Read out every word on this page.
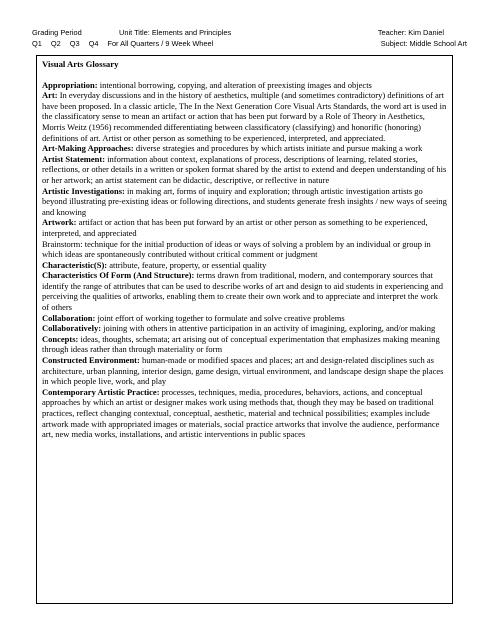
Grading Period	Unit Title: Elements and Principles	Teacher: Kim Daniel
Q1 Q2 Q3 Q4 For All Quarters / 9 Week Wheel	Subject: Middle School Art

Visual Arts Glossary

Appropriation: intentional borrowing, copying, and alteration of preexisting images and objects

Art: In everyday discussions and in the history of aesthetics, multiple (and sometimes contradictory) definitions of art have been proposed. In a classic article, The In the Next Generation Core Visual Arts Standards, the word art is used in the classificatory sense to mean an artifact or action that has been put forward by a Role of Theory in Aesthetics, Morris Weitz (1956) recommended differentiating between classificatory (classifying) and honorific (honoring) definitions of art. Artist or other person as something to be experienced, interpreted, and appreciated.

Art-Making Approaches: diverse strategies and procedures by which artists initiate and pursue making a work

Artist Statement: information about context, explanations of process, descriptions of learning, related stories, reflections, or other details in a written or spoken format shared by the artist to extend and deepen understanding of his or her artwork; an artist statement can be didactic, descriptive, or reflective in nature

Artistic Investigations: in making art, forms of inquiry and exploration; through artistic investigation artists go beyond illustrating pre-existing ideas or following directions, and students generate fresh insights / new ways of seeing and knowing

Artwork: artifact or action that has been put forward by an artist or other person as something to be experienced, interpreted, and appreciated

Brainstorm: technique for the initial production of ideas or ways of solving a problem by an individual or group in which ideas are spontaneously contributed without critical comment or judgment

Characteristic(S): attribute, feature, property, or essential quality

Characteristics Of Form (And Structure): terms drawn from traditional, modern, and contemporary sources that identify the range of attributes that can be used to describe works of art and design to aid students in experiencing and perceiving the qualities of artworks, enabling them to create their own work and to appreciate and interpret the work of others

Collaboration: joint effort of working together to formulate and solve creative problems

Collaboratively: joining with others in attentive participation in an activity of imagining, exploring, and/or making

Concepts: ideas, thoughts, schemata; art arising out of conceptual experimentation that emphasizes making meaning through ideas rather than through materiality or form

Constructed Environment: human-made or modified spaces and places; art and design-related disciplines such as architecture, urban planning, interior design, game design, virtual environment, and landscape design shape the places in which people live, work, and play

Contemporary Artistic Practice: processes, techniques, media, procedures, behaviors, actions, and conceptual approaches by which an artist or designer makes work using methods that, though they may be based on traditional practices, reflect changing contextual, conceptual, aesthetic, material and technical possibilities; examples include artwork made with appropriated images or materials, social practice artworks that involve the audience, performance art, new media works, installations, and artistic interventions in public spaces
